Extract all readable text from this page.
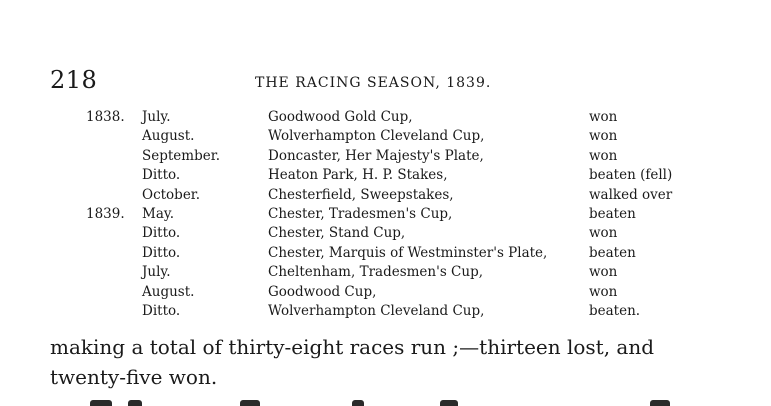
218	THE RACING SEASON, 1839.
1838. July.	Goodwood Gold Cup,	won
August.	Wolverhampton Cleveland Cup,	won
September.	Doncaster, Her Majesty's Plate,	won
Ditto.	Heaton Park, H. P. Stakes,	beaten (fell)
October.	Chesterfield, Sweepstakes,	walked over
1839. May.	Chester, Tradesmen's Cup,	beaten
Ditto.	Chester, Stand Cup,	won
Ditto.	Chester, Marquis of Westminster's Plate,	beaten
July.	Cheltenham, Tradesmen's Cup,	won
August.	Goodwood Cup,	won
Ditto.	Wolverhampton Cleveland Cup,	beaten.

making a total of thirty-eight races run ;—thirteen lost, and

twenty-five won.
